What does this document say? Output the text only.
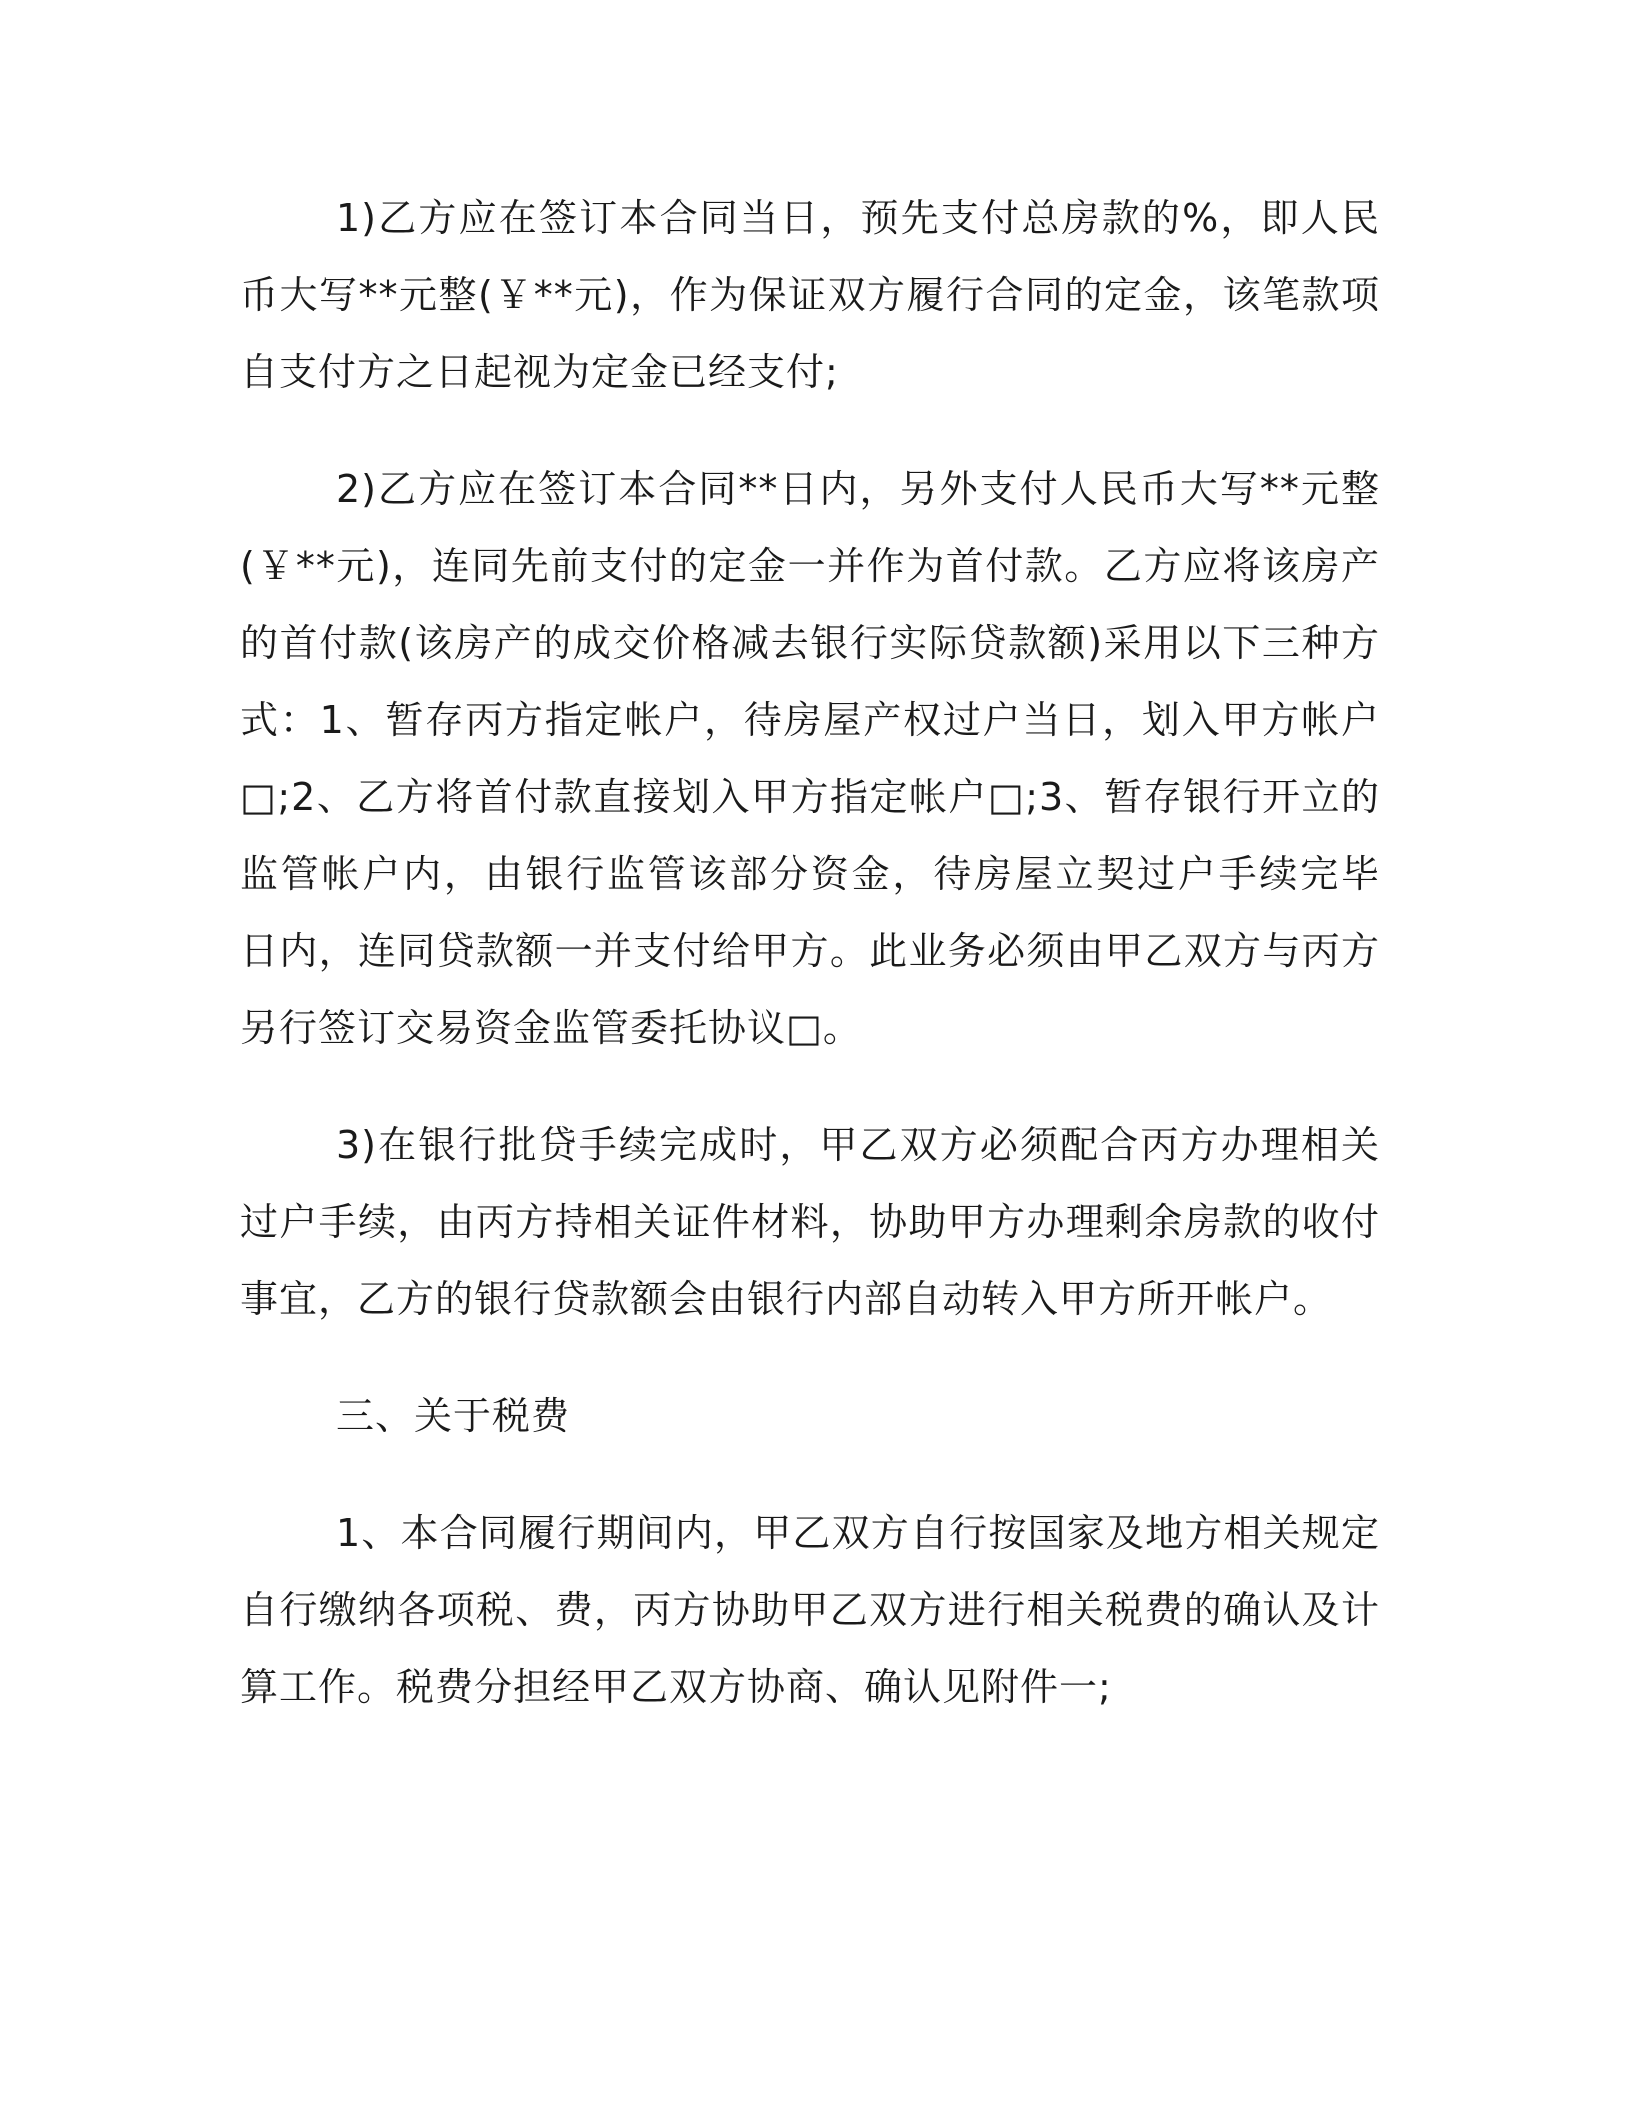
1)乙方应在签订本合同当日，预先支付总房款的%，即人民币大写**元整(￥**元)，作为保证双方履行合同的定金，该笔款项自支付方之日起视为定金已经支付;

2)乙方应在签订本合同**日内，另外支付人民币大写**元整(￥**元)，连同先前支付的定金一并作为首付款。乙方应将该房产的首付款(该房产的成交价格减去银行实际贷款额)采用以下三种方式：1、暂存丙方指定帐户，待房屋产权过户当日，划入甲方帐户□;2、乙方将首付款直接划入甲方指定帐户□;3、暂存银行开立的监管帐户内，由银行监管该部分资金，待房屋立契过户手续完毕 日内，连同贷款额一并支付给甲方。此业务必须由甲乙双方与丙方另行签订交易资金监管委托协议□。

3)在银行批贷手续完成时，甲乙双方必须配合丙方办理相关过户手续，由丙方持相关证件材料，协助甲方办理剩余房款的收付事宜，乙方的银行贷款额会由银行内部自动转入甲方所开帐户。

三、关于税费

1、本合同履行期间内，甲乙双方自行按国家及地方相关规定自行缴纳各项税、费，丙方协助甲乙双方进行相关税费的确认及计算工作。税费分担经甲乙双方协商、确认见附件一;
